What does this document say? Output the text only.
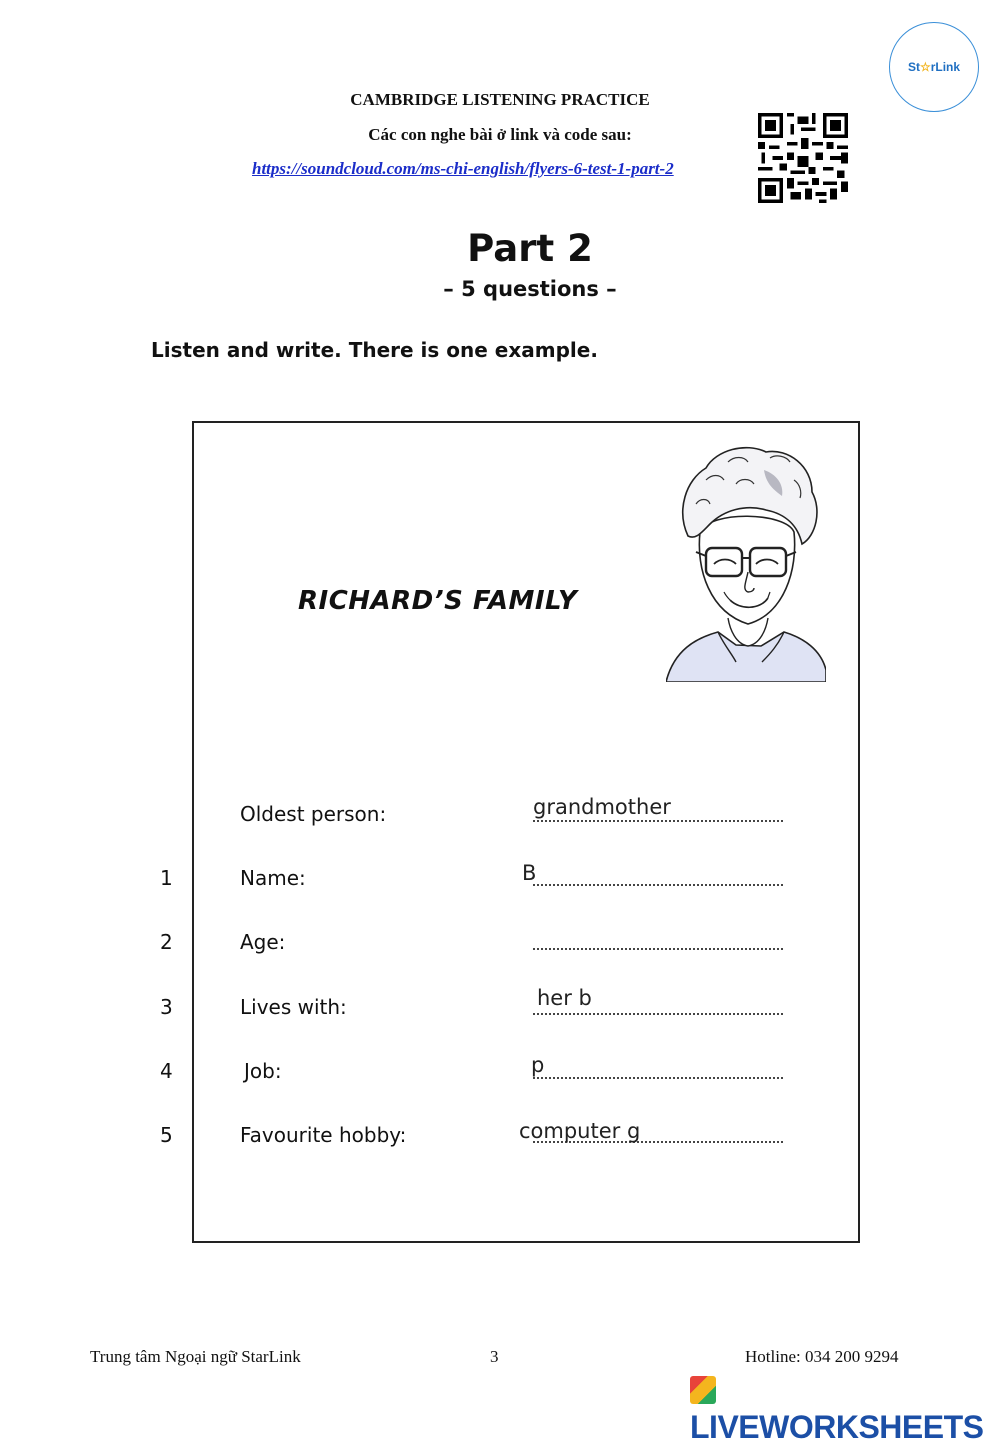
St ☆ rLink
CAMBRIDGE LISTENING PRACTICE
Các con nghe bài ở link và code sau:
https://soundcloud.com/ms-chi-english/flyers-6-test-1-part-2
Part 2
– 5 questions –
Listen and write. There is one example.
RICHARD’S FAMILY
Oldest person:	grandmother
1	Name:	B
2	Age:
3	Lives with:	her b
4	Job:	p
5	Favourite hobby:	computer g
Trung tâm Ngoại ngữ StarLink	3	Hotline: 034 200 9294
LIVEWORKSHEETS
